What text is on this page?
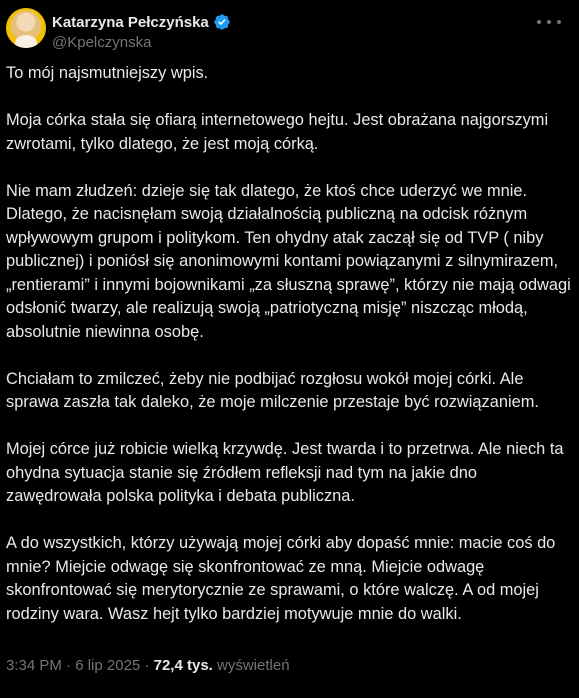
Katarzyna Pełczyńska
@Kpelczynska

To mój najsmutniejszy wpis.

Moja córka stała się ofiarą internetowego hejtu. Jest obrażana najgorszymi zwrotami, tylko dlatego, że jest moją córką.

Nie mam złudzeń: dzieje się tak dlatego, że ktoś chce uderzyć we mnie. Dlatego, że nacisnęłam swoją działalnością publiczną na odcisk różnym wpływowym grupom i politykom. Ten ohydny atak zaczął się od TVP ( niby publicznej) i poniósł się anonimowymi kontami powiązanymi z silnymirazem, „rentierami” i innymi bojownikami „za słuszną sprawę”, którzy nie mają odwagi odsłonić twarzy, ale realizują swoją „patriotyczną misję” niszcząc młodą, absolutnie niewinna osobę.

Chciałam to zmilczeć, żeby nie podbijać rozgłosu wokół mojej córki. Ale sprawa zaszła tak daleko, że moje milczenie przestaje być rozwiązaniem.

Mojej córce już robicie wielką krzywdę. Jest twarda i to przetrwa. Ale niech ta ohydna sytuacja stanie się źródłem refleksji nad tym na jakie dno zawędrowała polska polityka i debata publiczna.

A do wszystkich, którzy używają mojej córki aby dopaść mnie: macie coś do mnie? Miejcie odwagę się skonfrontować ze mną. Miejcie odwagę skonfrontować się merytorycznie ze sprawami, o które walczę. A od mojej rodziny wara. Wasz hejt tylko bardziej motywuje mnie do walki.

3:34 PM · 6 lip 2025 · 72,4 tys. wyświetleń
